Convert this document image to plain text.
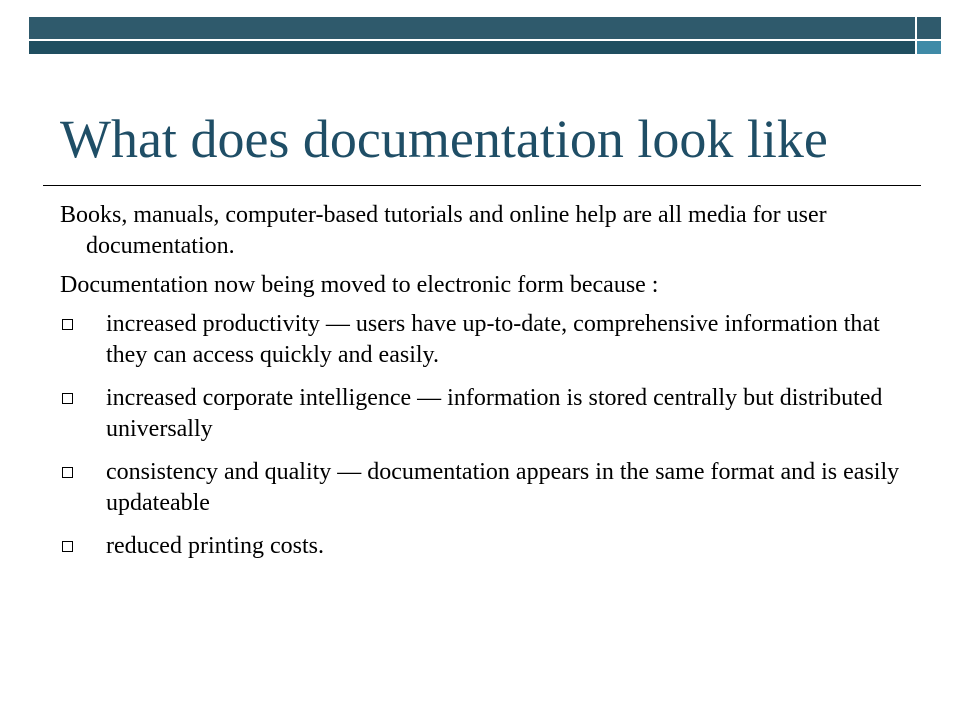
What does documentation look like

Books, manuals, computer-based tutorials and online help are all media for user documentation.

Documentation now being moved to electronic form because :

increased productivity — users have up-to-date, comprehensive information that they can access quickly and easily.
increased corporate intelligence — information is stored centrally but distributed universally
consistency and quality — documentation appears in the same format and is easily updateable
reduced printing costs.
